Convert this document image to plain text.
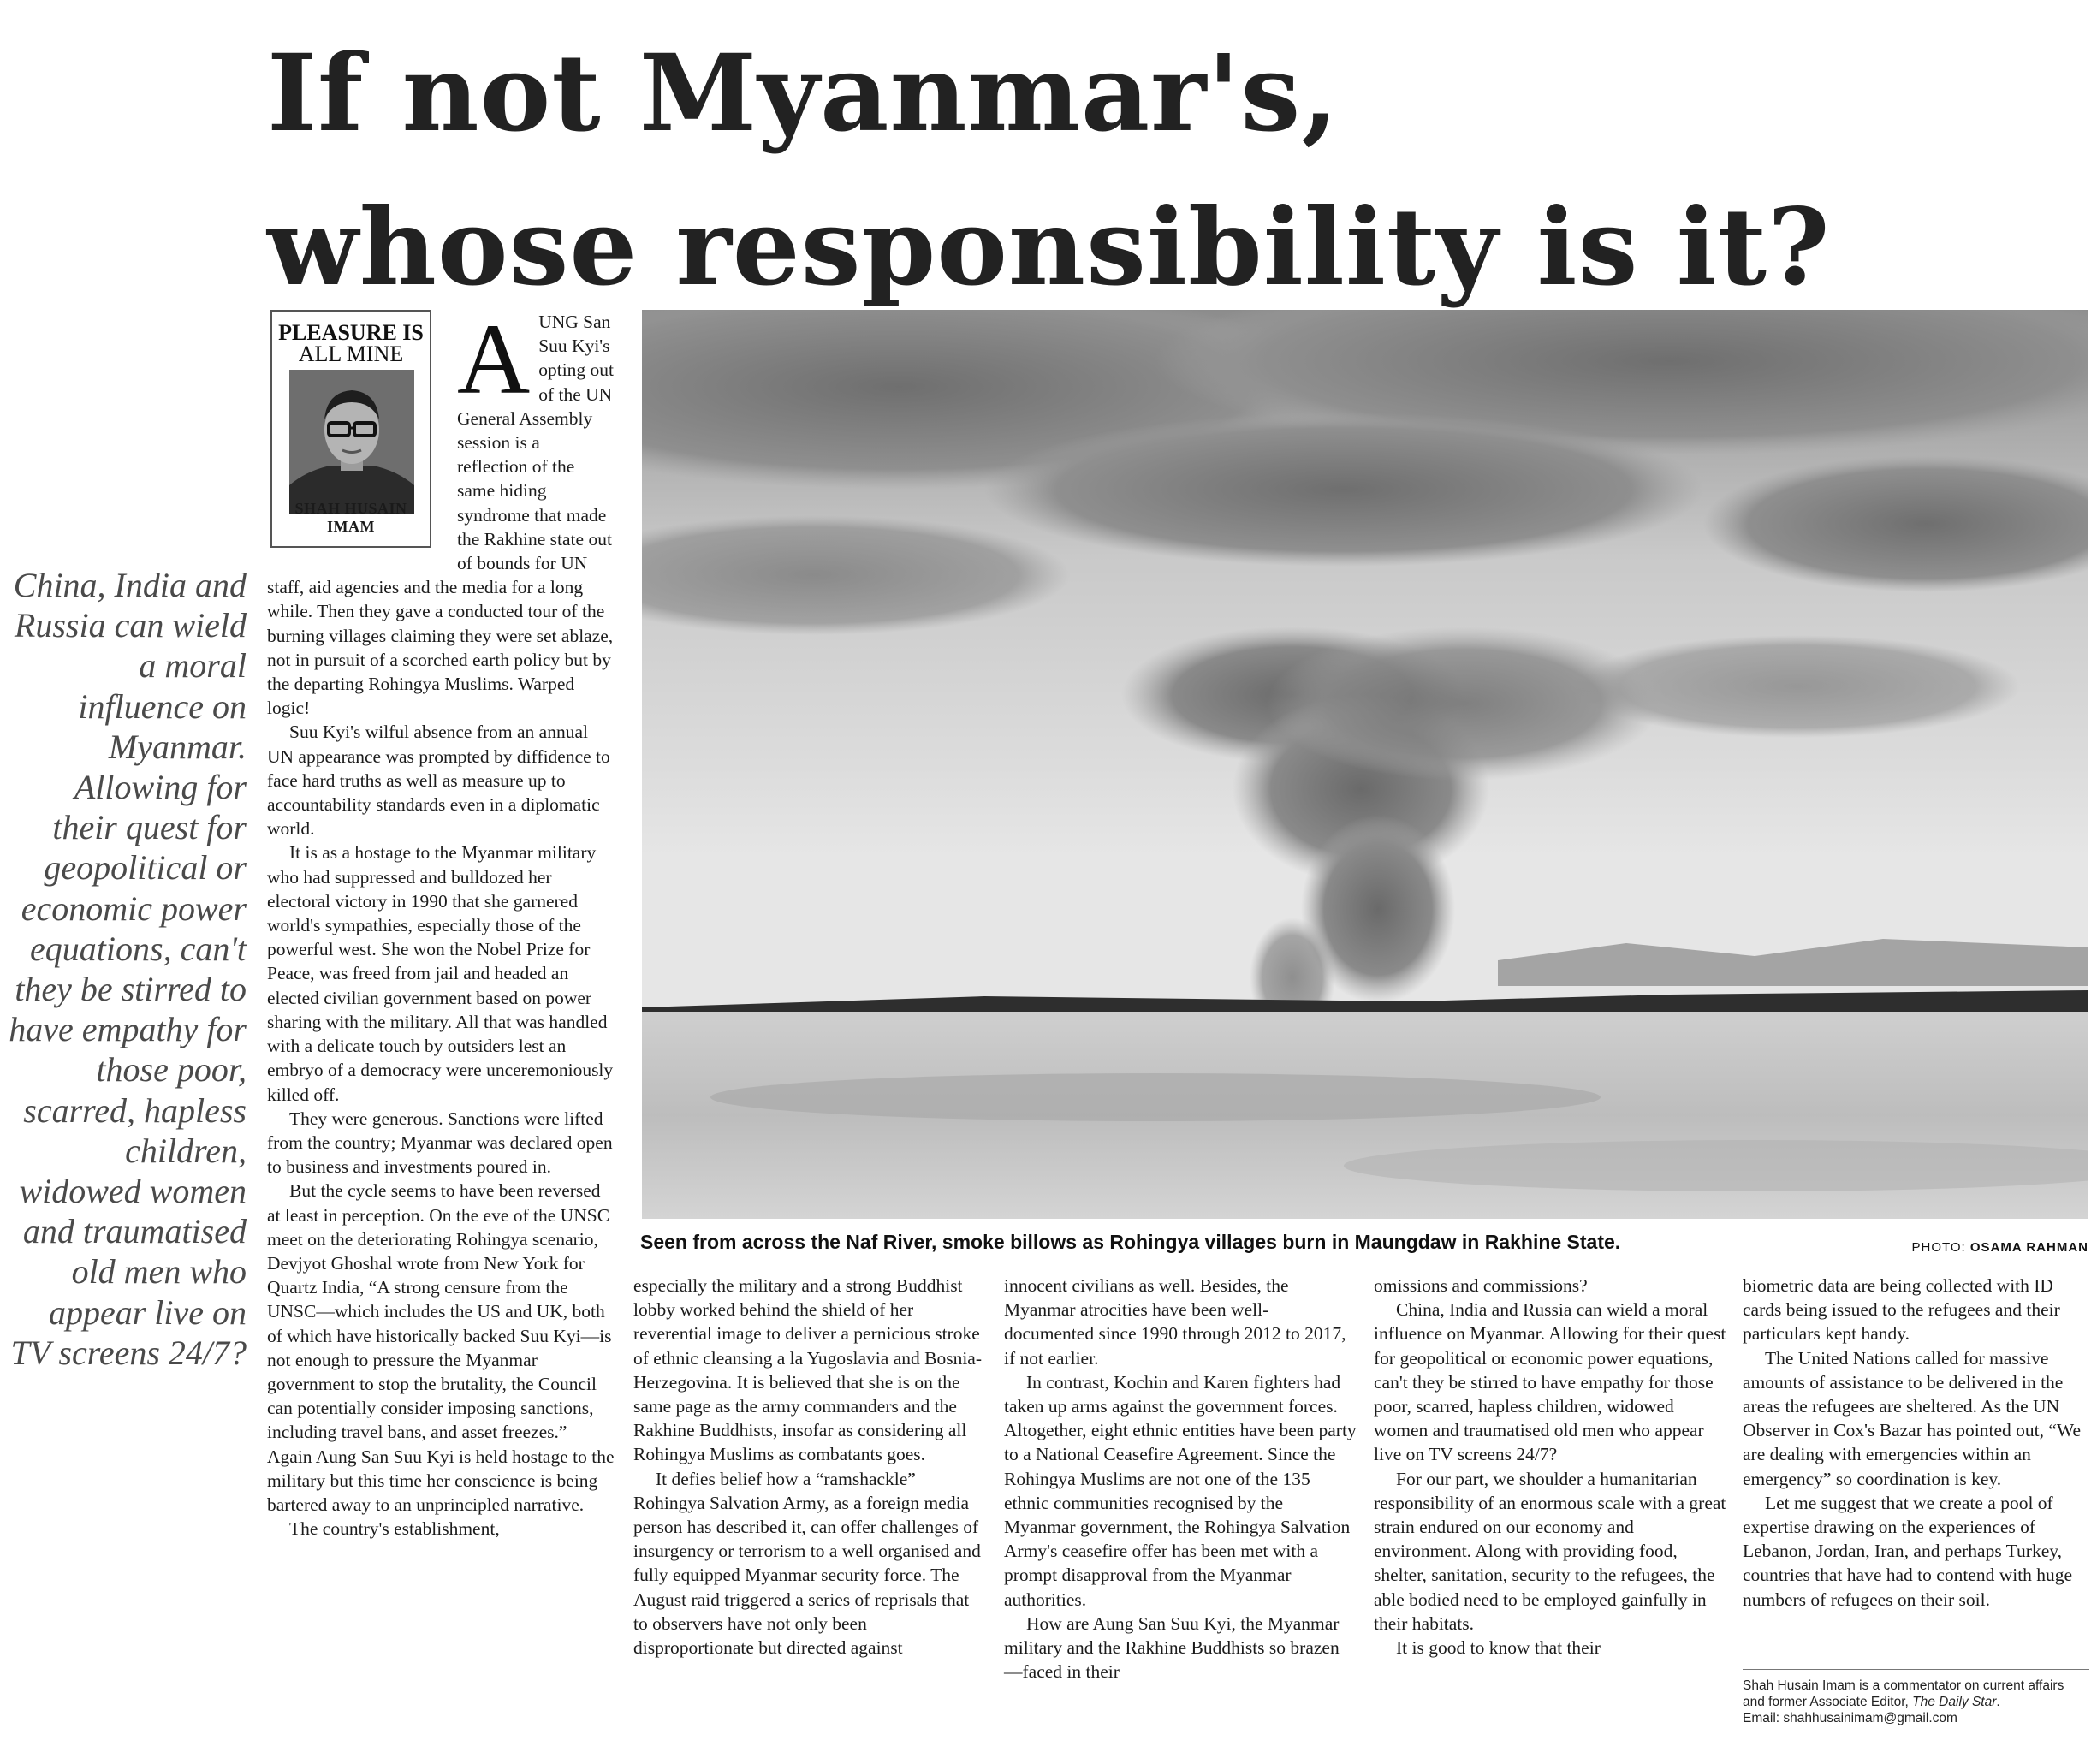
If not Myanmar's,
whose responsibility is it?
PLEASURE IS
ALL MINE
SHAH HUSAIN IMAM
China, India and Russia can wield a moral influence on Myanmar. Allowing for their quest for geopolitical or economic power equations, can't they be stirred to have empathy for those poor, scarred, hapless children, widowed women and traumatised old men who appear live on TV screens 24/7?

AUNG San Suu Kyi's opting out of the UN General Assembly session is a reflection of the same hiding syndrome that made the Rakhine state out of bounds for UN staff, aid agencies and the media for a long while. Then they gave a conducted tour of the burning villages claiming they were set ablaze, not in pursuit of a scorched earth policy but by the departing Rohingya Muslims. Warped logic!

Suu Kyi's wilful absence from an annual UN appearance was prompted by diffidence to face hard truths as well as measure up to accountability standards even in a diplomatic world.

It is as a hostage to the Myanmar military who had suppressed and bulldozed her electoral victory in 1990 that she garnered world's sympathies, especially those of the powerful west. She won the Nobel Prize for Peace, was freed from jail and headed an elected civilian government based on power sharing with the military. All that was handled with a delicate touch by outsiders lest an embryo of a democracy were unceremoniously killed off.

They were generous. Sanctions were lifted from the country; Myanmar was declared open to business and investments poured in.

But the cycle seems to have been reversed at least in perception. On the eve of the UNSC meet on the deteriorating Rohingya scenario, Devjyot Ghoshal wrote from New York for Quartz India, “A strong censure from the UNSC—which includes the US and UK, both of which have historically backed Suu Kyi—is not enough to pressure the Myanmar government to stop the brutality, the Council can potentially consider imposing sanctions, including travel bans, and asset freezes.” Again Aung San Suu Kyi is held hostage to the military but this time her conscience is being bartered away to an unprincipled narrative.

The country's establishment,

Seen from across the Naf River, smoke billows as Rohingya villages burn in Maungdaw in Rakhine State.	PHOTO: OSAMA RAHMAN

especially the military and a strong Buddhist lobby worked behind the shield of her reverential image to deliver a pernicious stroke of ethnic cleansing a la Yugoslavia and Bosnia-Herzegovina. It is believed that she is on the same page as the army commanders and the Rakhine Buddhists, insofar as considering all Rohingya Muslims as combatants goes.

It defies belief how a “ramshackle” Rohingya Salvation Army, as a foreign media person has described it, can offer challenges of insurgency or terrorism to a well organised and fully equipped Myanmar security force. The August raid triggered a series of reprisals that to observers have not only been disproportionate but directed against

innocent civilians as well. Besides, the Myanmar atrocities have been well-documented since 1990 through 2012 to 2017, if not earlier.

In contrast, Kochin and Karen fighters had taken up arms against the government forces. Altogether, eight ethnic entities have been party to a National Ceasefire Agreement. Since the Rohingya Muslims are not one of the 135 ethnic communities recognised by the Myanmar government, the Rohingya Salvation Army's ceasefire offer has been met with a prompt disapproval from the Myanmar authorities.

How are Aung San Suu Kyi, the Myanmar military and the Rakhine Buddhists so brazen—faced in their

omissions and commissions?

China, India and Russia can wield a moral influence on Myanmar. Allowing for their quest for geopolitical or economic power equations, can't they be stirred to have empathy for those poor, scarred, hapless children, widowed women and traumatised old men who appear live on TV screens 24/7?

For our part, we shoulder a humanitarian responsibility of an enormous scale with a great strain endured on our economy and environment. Along with providing food, shelter, sanitation, security to the refugees, the able bodied need to be employed gainfully in their habitats.

It is good to know that their

biometric data are being collected with ID cards being issued to the refugees and their particulars kept handy.

The United Nations called for massive amounts of assistance to be delivered in the areas the refugees are sheltered. As the UN Observer in Cox's Bazar has pointed out, “We are dealing with emergencies within an emergency” so coordination is key.

Let me suggest that we create a pool of expertise drawing on the experiences of Lebanon, Jordan, Iran, and perhaps Turkey, countries that have had to contend with huge numbers of refugees on their soil.

Shah Husain Imam is a commentator on current affairs and former Associate Editor, The Daily Star.
Email: shahhusainimam@gmail.com
